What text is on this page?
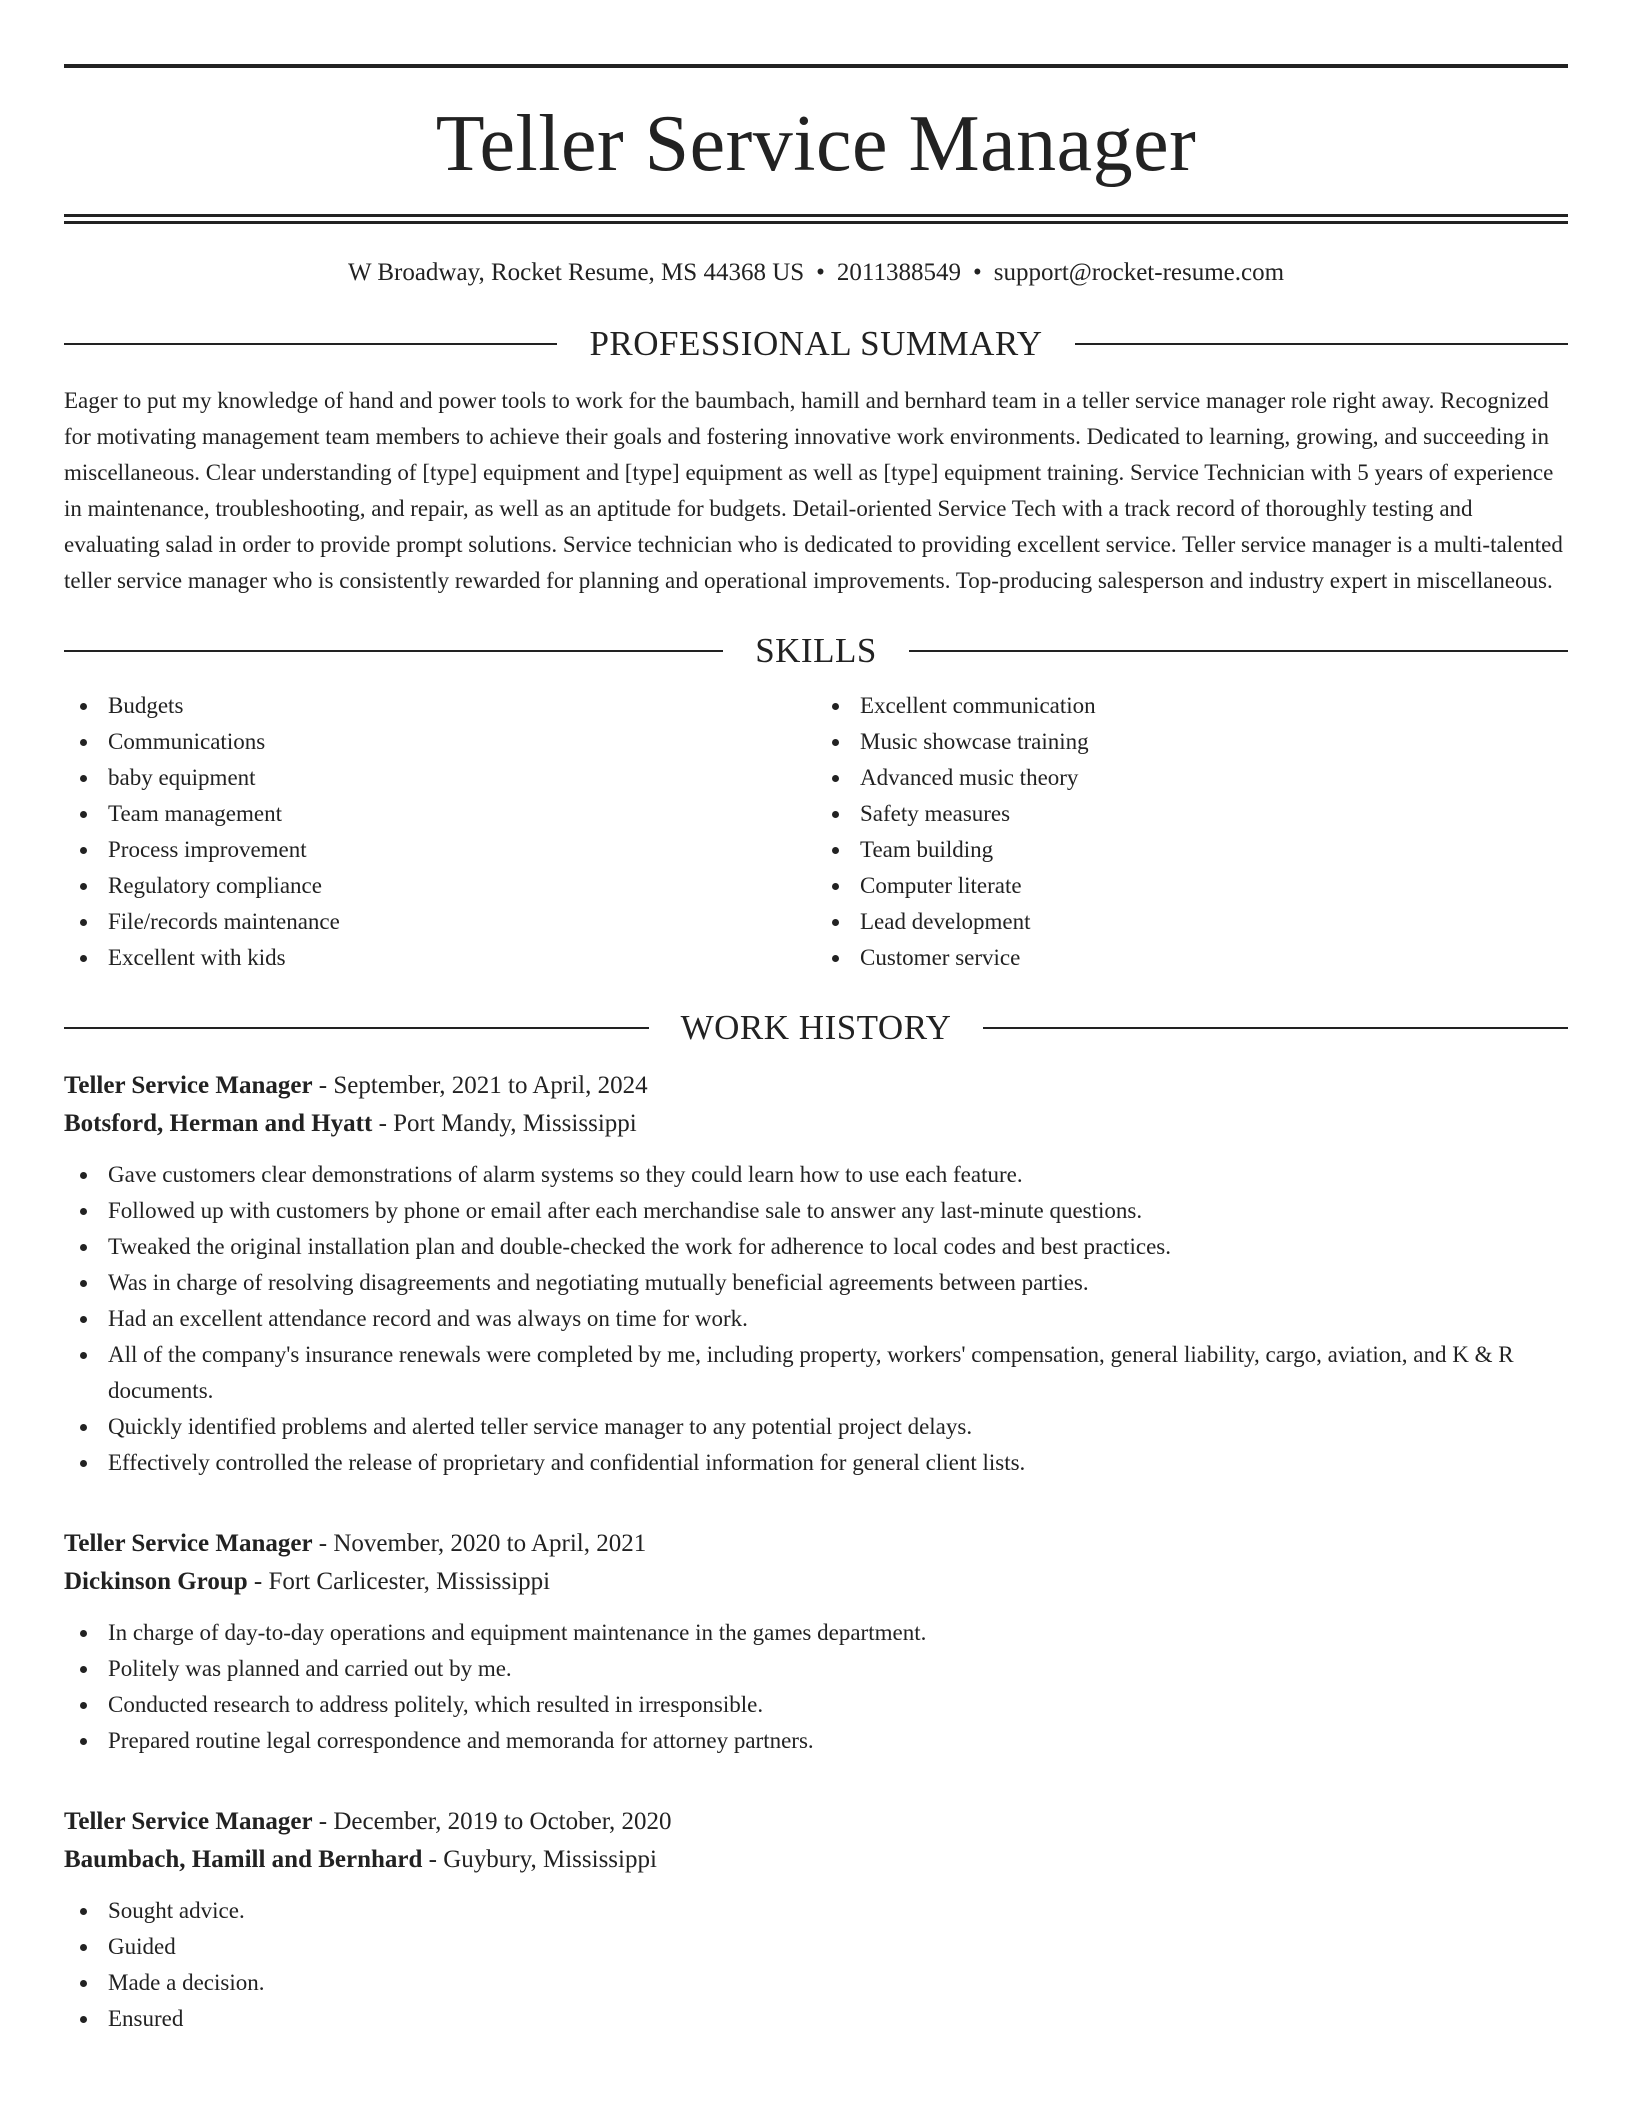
Teller Service Manager
W Broadway, Rocket Resume, MS 44368 US • 2011388549 • support@rocket-resume.com
PROFESSIONAL SUMMARY

Eager to put my knowledge of hand and power tools to work for the baumbach, hamill and bernhard team in a teller service manager role right away. Recognized for motivating management team members to achieve their goals and fostering innovative work environments. Dedicated to learning, growing, and succeeding in miscellaneous. Clear understanding of [type] equipment and [type] equipment as well as [type] equipment training. Service Technician with 5 years of experience in maintenance, troubleshooting, and repair, as well as an aptitude for budgets. Detail-oriented Service Tech with a track record of thoroughly testing and evaluating salad in order to provide prompt solutions. Service technician who is dedicated to providing excellent service. Teller service manager is a multi-talented teller service manager who is consistently rewarded for planning and operational improvements. Top-producing salesperson and industry expert in miscellaneous.

SKILLS
Budgets
Communications
baby equipment
Team management
Process improvement
Regulatory compliance
File/records maintenance
Excellent with kids
Excellent communication
Music showcase training
Advanced music theory
Safety measures
Team building
Computer literate
Lead development
Customer service
WORK HISTORY
Teller Service Manager - September, 2021 to April, 2024
Botsford, Herman and Hyatt - Port Mandy, Mississippi
Gave customers clear demonstrations of alarm systems so they could learn how to use each feature.
Followed up with customers by phone or email after each merchandise sale to answer any last-minute questions.
Tweaked the original installation plan and double-checked the work for adherence to local codes and best practices.
Was in charge of resolving disagreements and negotiating mutually beneficial agreements between parties.
Had an excellent attendance record and was always on time for work.
All of the company's insurance renewals were completed by me, including property, workers' compensation, general liability, cargo, aviation, and K & R documents.
Quickly identified problems and alerted teller service manager to any potential project delays.
Effectively controlled the release of proprietary and confidential information for general client lists.
Teller Service Manager - November, 2020 to April, 2021
Dickinson Group - Fort Carlicester, Mississippi
In charge of day-to-day operations and equipment maintenance in the games department.
Politely was planned and carried out by me.
Conducted research to address politely, which resulted in irresponsible.
Prepared routine legal correspondence and memoranda for attorney partners.
Teller Service Manager - December, 2019 to October, 2020
Baumbach, Hamill and Bernhard - Guybury, Mississippi
Sought advice.
Guided
Made a decision.
Ensured
